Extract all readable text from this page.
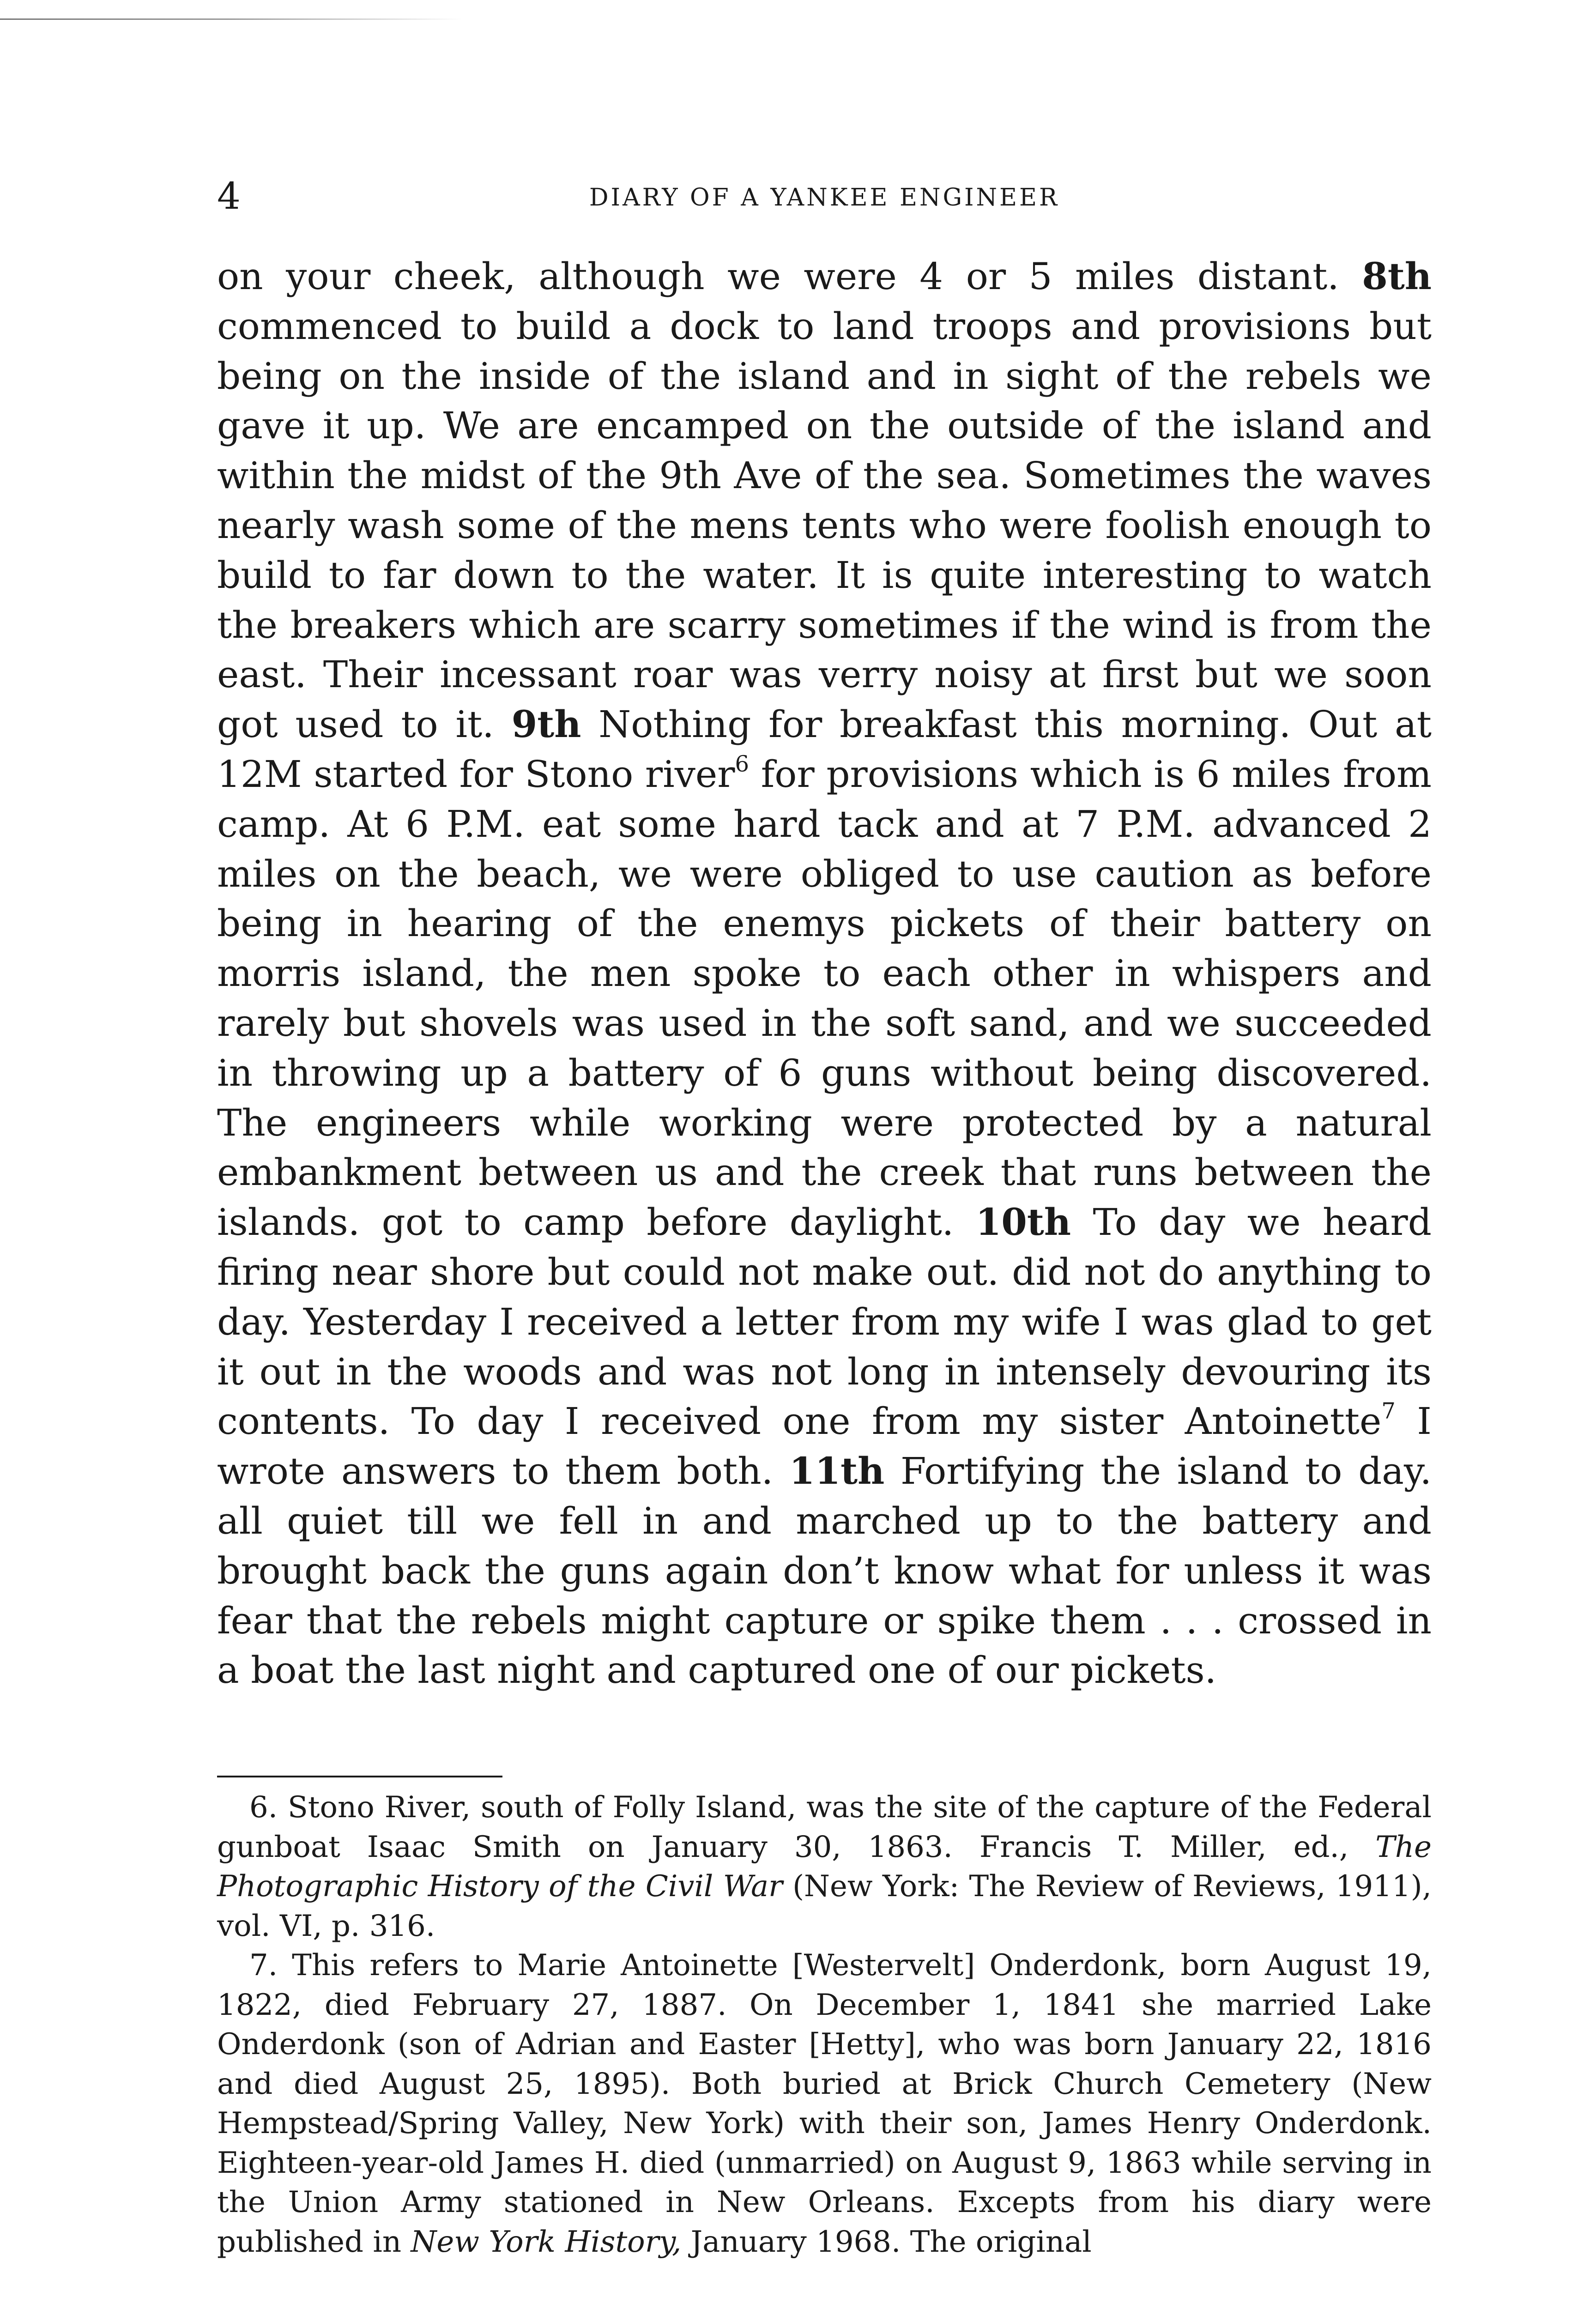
4	DIARY OF A YANKEE ENGINEER

on your cheek, although we were 4 or 5 miles distant. 8th commenced to build a dock to land troops and provisions but being on the inside of the island and in sight of the rebels we gave it up. We are encamped on the outside of the island and within the midst of the 9th Ave of the sea. Sometimes the waves nearly wash some of the mens tents who were foolish enough to build to far down to the water. It is quite interesting to watch the breakers which are scarry sometimes if the wind is from the east. Their incessant roar was verry noisy at first but we soon got used to it. 9th Nothing for breakfast this morning. Out at 12M started for Stono river$^6$ for provisions which is 6 miles from camp. At 6 P.M. eat some hard tack and at 7 P.M. advanced 2 miles on the beach, we were obliged to use caution as before being in hearing of the enemys pickets of their battery on morris island, the men spoke to each other in whispers and rarely but shovels was used in the soft sand, and we succeeded in throwing up a battery of 6 guns without being discovered. The engineers while working were protected by a natural embankment between us and the creek that runs between the islands. got to camp before daylight. 10th To day we heard firing near shore but could not make out. did not do anything to day. Yesterday I received a letter from my wife I was glad to get it out in the woods and was not long in intensely devouring its contents. To day I received one from my sister Antoinette$^7$ I wrote answers to them both. 11th Fortifying the island to day. all quiet till we fell in and marched up to the battery and brought back the guns again don’t know what for unless it was fear that the rebels might capture or spike them . . . crossed in a boat the last night and captured one of our pickets.

6. Stono River, south of Folly Island, was the site of the capture of the Federal gunboat Isaac Smith on January 30, 1863. Francis T. Miller, ed., The Photographic History of the Civil War (New York: The Review of Reviews, 1911), vol. VI, p. 316.

7. This refers to Marie Antoinette [Westervelt] Onderdonk, born August 19, 1822, died February 27, 1887. On December 1, 1841 she married Lake Onderdonk (son of Adrian and Easter [Hetty], who was born January 22, 1816 and died August 25, 1895). Both buried at Brick Church Cemetery (New Hempstead/Spring Valley, New York) with their son, James Henry Onderdonk. Eighteen-year-old James H. died (unmarried) on August 9, 1863 while serving in the Union Army stationed in New Orleans. Excepts from his diary were published in New York History, January 1968. The original
